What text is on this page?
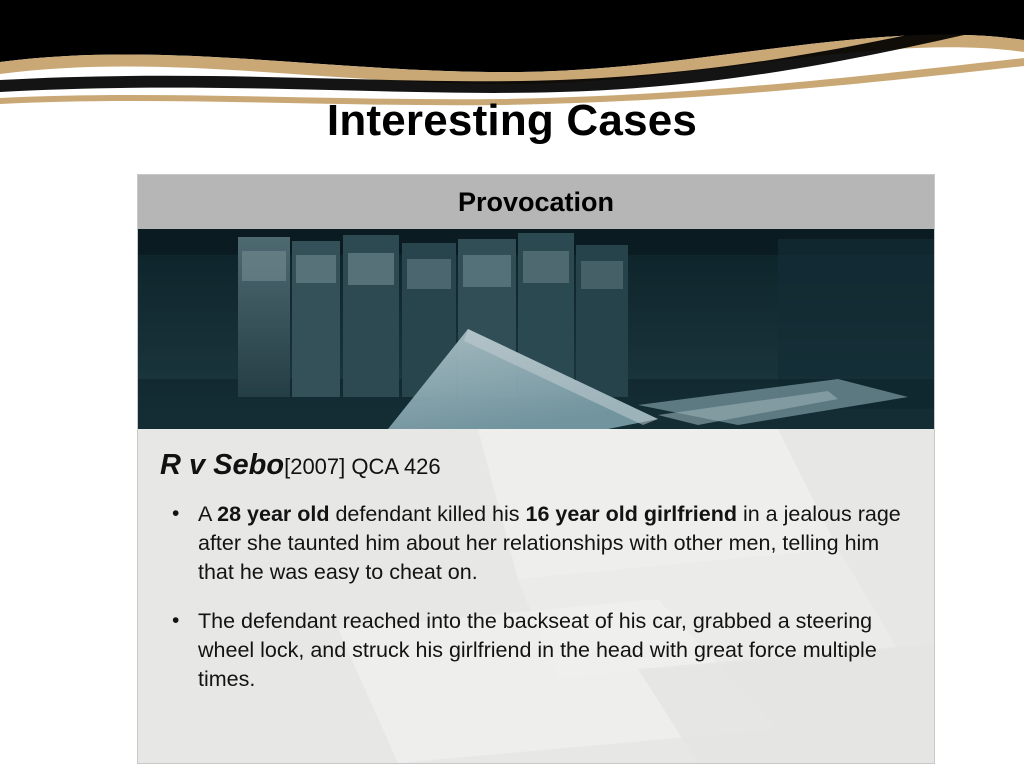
Interesting Cases
Provocation
R v Sebo[2007] QCA 426
• A 28 year old defendant killed his 16 year old girlfriend in a jealous rage after she taunted him about her relationships with other men, telling him that he was easy to cheat on.
• The defendant reached into the backseat of his car, grabbed a steering wheel lock, and struck his girlfriend in the head with great force multiple times.
